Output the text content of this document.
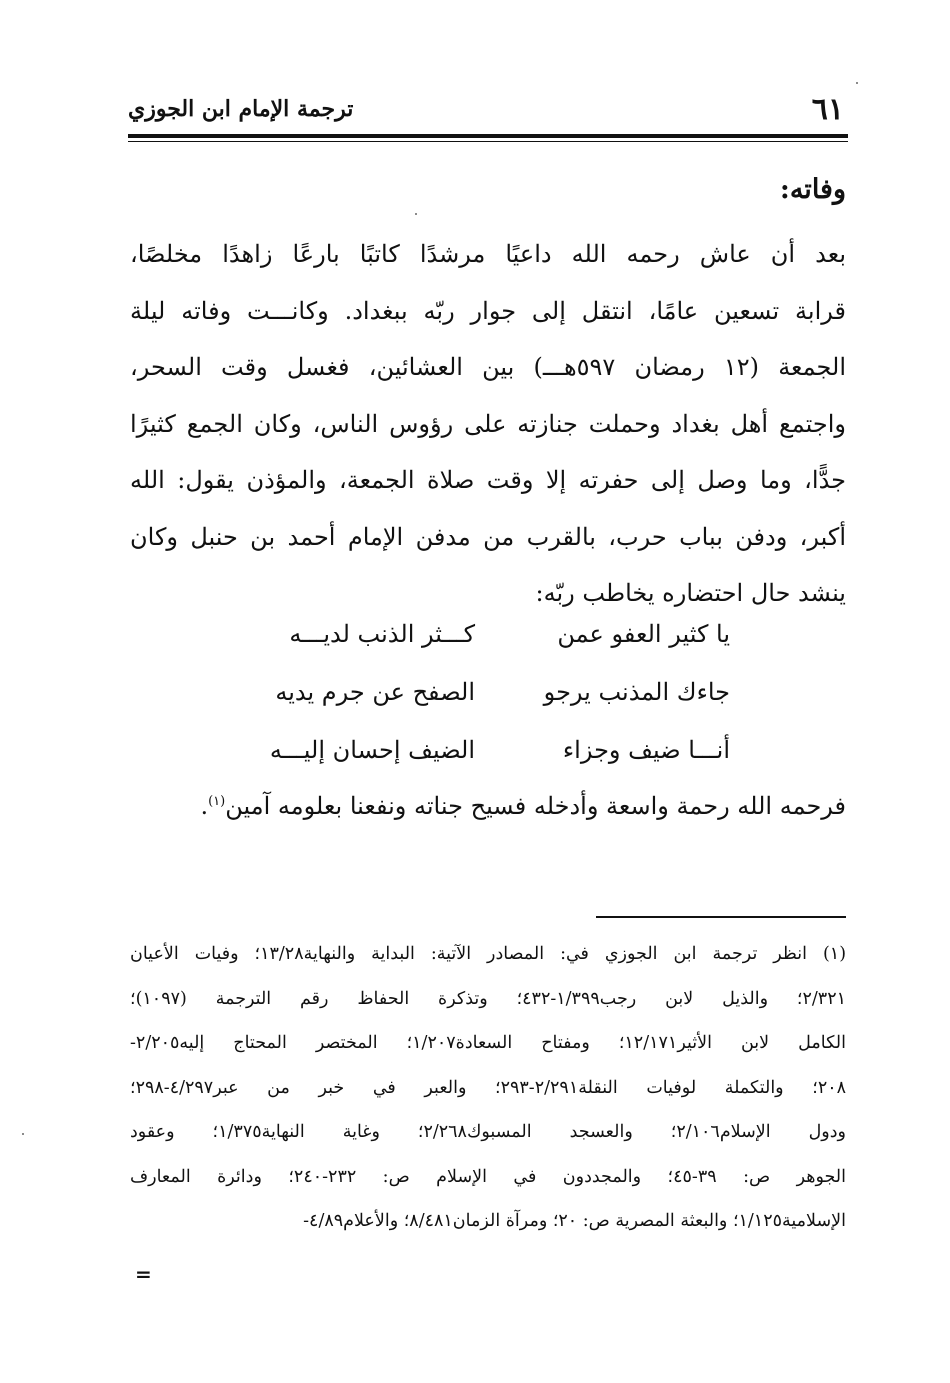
٦١
ترجمة الإمام ابن الجوزي
وفاته:
بعد أن عاش رحمه الله داعيًا مرشدًا كاتبًا بارعًا زاهدًا مخلصًا،
قرابة تسعين عامًا، انتقل إلى جوار ربّه ببغداد. وكانـــت وفاته ليلة
الجمعة (١٢ رمضان ٥٩٧هـــ) بين العشائين، فغسل وقت السحر،
واجتمع أهل بغداد وحملت جنازته على رؤوس الناس، وكان الجمع كثيرًا
جدًّا، وما وصل إلى حفرته إلا وقت صلاة الجمعة، والمؤذن يقول: الله
أكبر، ودفن بباب حرب، بالقرب من مدفن الإمام أحمد بن حنبل وكان
ينشد حال احتضاره يخاطب ربّه:
يا كثير العفو عمن
كـــثر الذنب لديـــه
جاءك المذنب يرجو
الصفح عن جرم يديه
أنـــا ضيف وجزاء
الضيف إحسان إليـــه
فرحمه الله رحمة واسعة وأدخله فسيح جناته ونفعنا بعلومه آمين$^{(١)}$.
(١) انظر ترجمة ابن الجوزي في: المصادر الآتية: البداية والنهاية١٣/٢٨؛ وفيات الأعيان
٢/٣٢١؛ والذيل لابن رجب١/٣٩٩-٤٣٢؛ وتذكرة الحفاظ رقم الترجمة (١٠٩٧)؛
الكامل لابن الأثير١٢/١٧١؛ ومفتاح السعادة١/٢٠٧؛ المختصر المحتاج إليه٢/٢٠٥-
٢٠٨؛ والتكملة لوفيات النقلة٢/٢٩١-٢٩٣؛ والعبر في خبر من عبر٤/٢٩٧-٢٩٨؛
ودول الإسلام٢/١٠٦؛ والعسجد المسبوك٢/٢٦٨؛ وغاية النهاية١/٣٧٥؛ وعقود
الجوهر ص: ٣٩-٤٥؛ والمجددون في الإسلام ص: ٢٣٢-٢٤٠؛ ودائرة المعارف
الإسلامية١/١٢٥؛ والبعثة المصرية ص: ٢٠؛ ومرآة الزمان٨/٤٨١؛ والأعلام٤/٨٩-
=
